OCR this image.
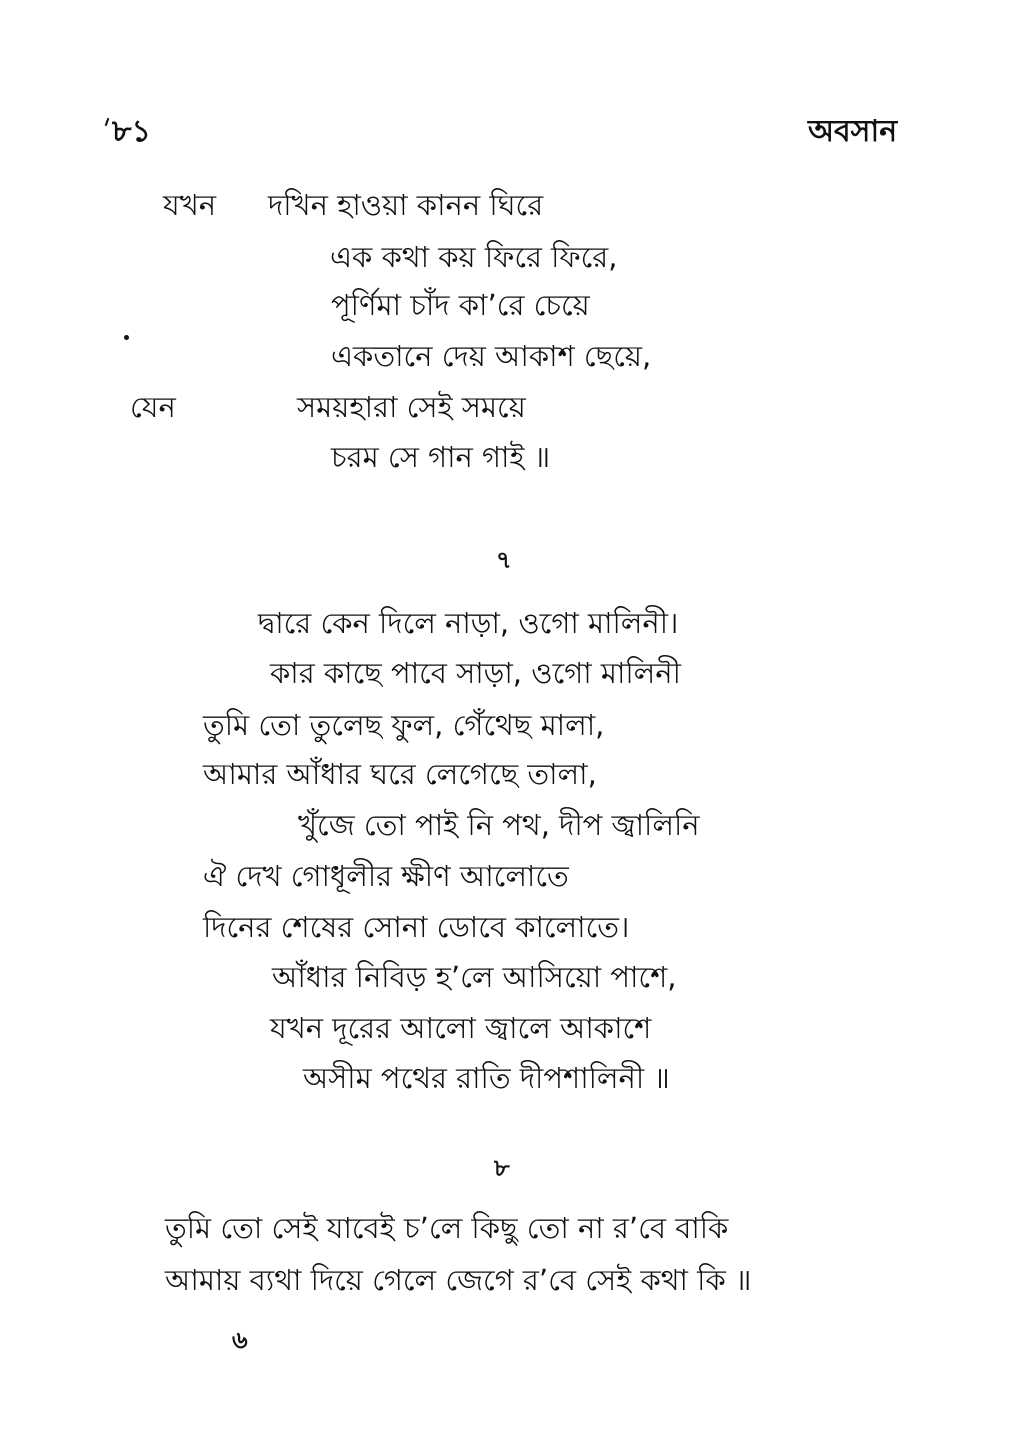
৮১	অবসান
যখন দখিন হাওয়া কানন ঘিরে
এক কথা কয় ফিরে ফিরে,
পূর্ণিমা চাঁদ কা’রে চেয়ে
একতানে দেয় আকাশ ছেয়ে,
যেন	সময়হারা সেই সময়ে
চরম সে গান গাই ॥
৭
দ্বারে কেন দিলে নাড়া, ওগো মালিনী।
কার কাছে পাবে সাড়া, ওগো মালিনী
তুমি তো তুলেছ ফুল, গেঁথেছ মালা,
আমার আঁধার ঘরে লেগেছে তালা,
খুঁজে তো পাই নি পথ, দীপ জ্বালিনি
ঐ দেখ গোধূলীর ক্ষীণ আলোতে
দিনের শেষের সোনা ডোবে কালোতে।
আঁধার নিবিড় হ’লে আসিয়ো পাশে,
যখন দূরের আলো জ্বালে আকাশে
অসীম পথের রাতি দীপশালিনী ॥
৮
তুমি তো সেই যাবেই চ’লে কিছু তো না র’বে বাকি
আমায় ব্যথা দিয়ে গেলে জেগে র’বে সেই কথা কি ॥
৬
